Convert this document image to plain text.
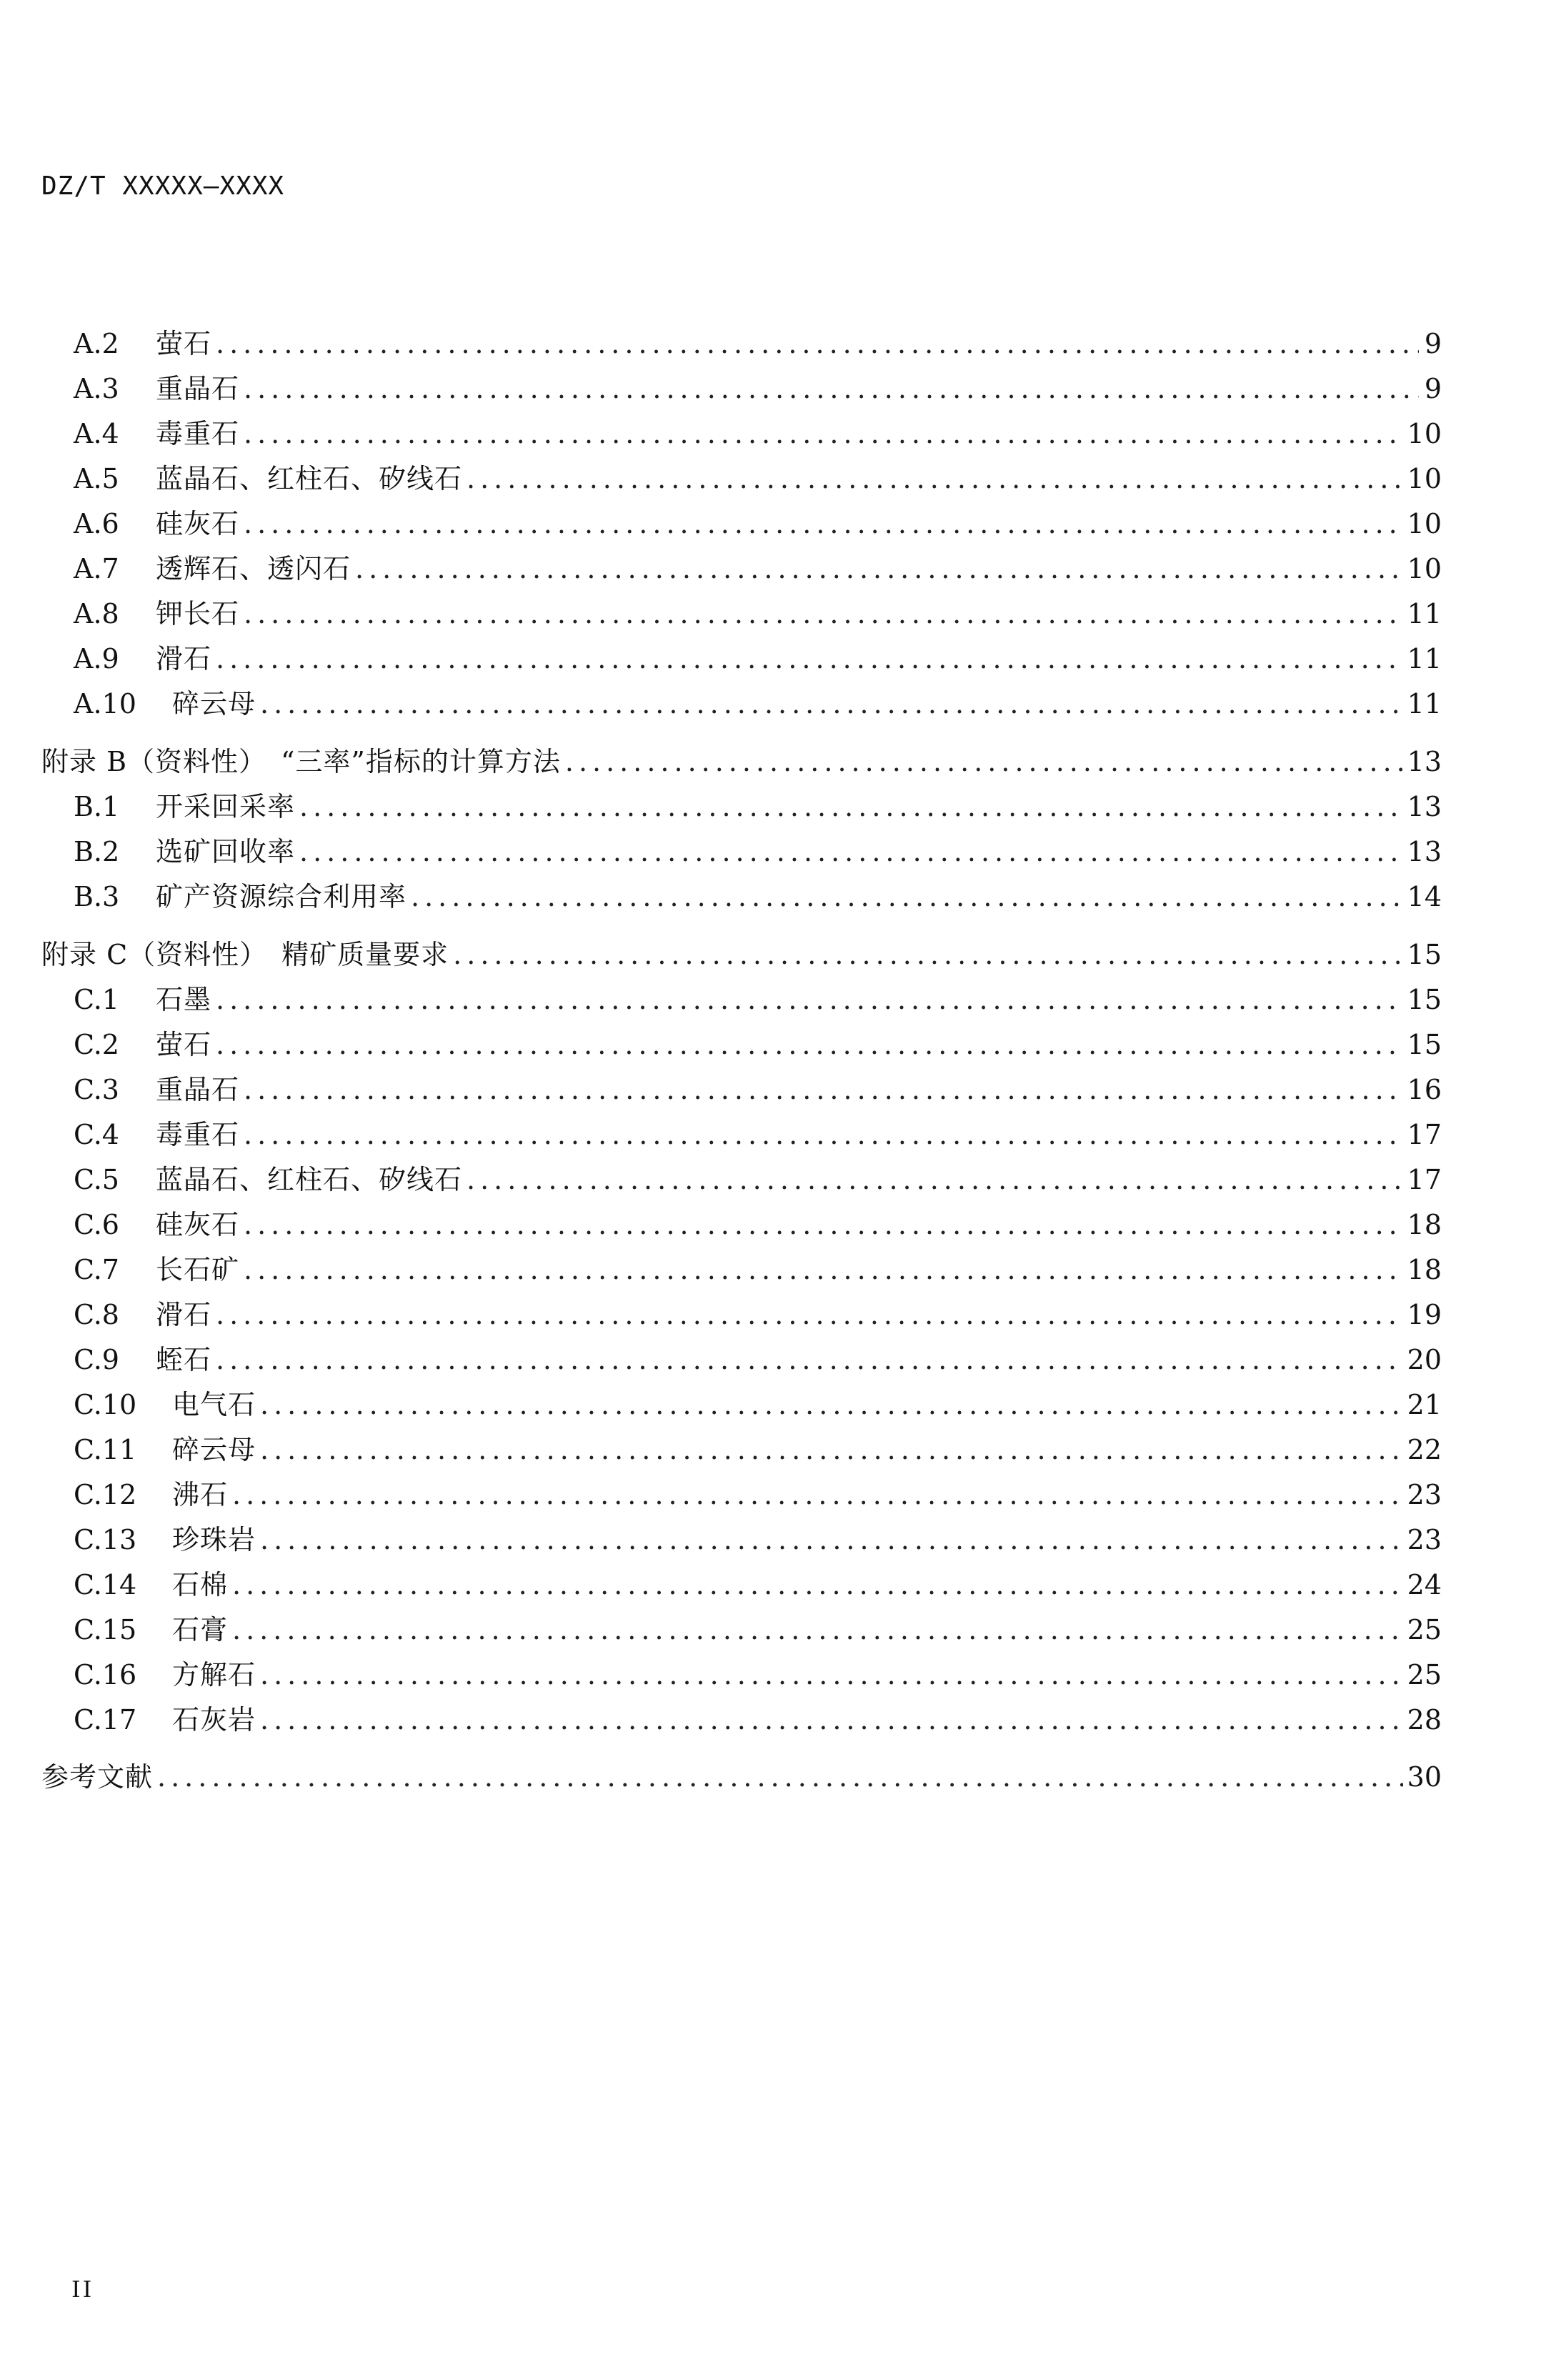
DZ/T XXXXX—XXXX
A.2	萤石 .....	9
A.3	重晶石 .....	9
A.4	毒重石 .....	10
A.5	蓝晶石、红柱石、矽线石 .....	10
A.6	硅灰石 .....	10
A.7	透辉石、透闪石 .....	10
A.8	钾长石 .....	11
A.9	滑石 .....	11
A.10	碎云母 .....	11
附录 B（资料性）　“三率”指标的计算方法 .....	13
B.1	开采回采率 .....	13
B.2	选矿回收率 .....	13
B.3	矿产资源综合利用率 .....	14
附录 C（资料性）　精矿质量要求 .....	15
C.1	石墨 .....	15
C.2	萤石 .....	15
C.3	重晶石 .....	16
C.4	毒重石 .....	17
C.5	蓝晶石、红柱石、矽线石 .....	17
C.6	硅灰石 .....	18
C.7	长石矿 .....	18
C.8	滑石 .....	19
C.9	蛭石 .....	20
C.10	电气石 .....	21
C.11	碎云母 .....	22
C.12	沸石 .....	23
C.13	珍珠岩 .....	23
C.14	石棉 .....	24
C.15	石膏 .....	25
C.16	方解石 .....	25
C.17	石灰岩 .....	28
参考文献 .....	30
II
